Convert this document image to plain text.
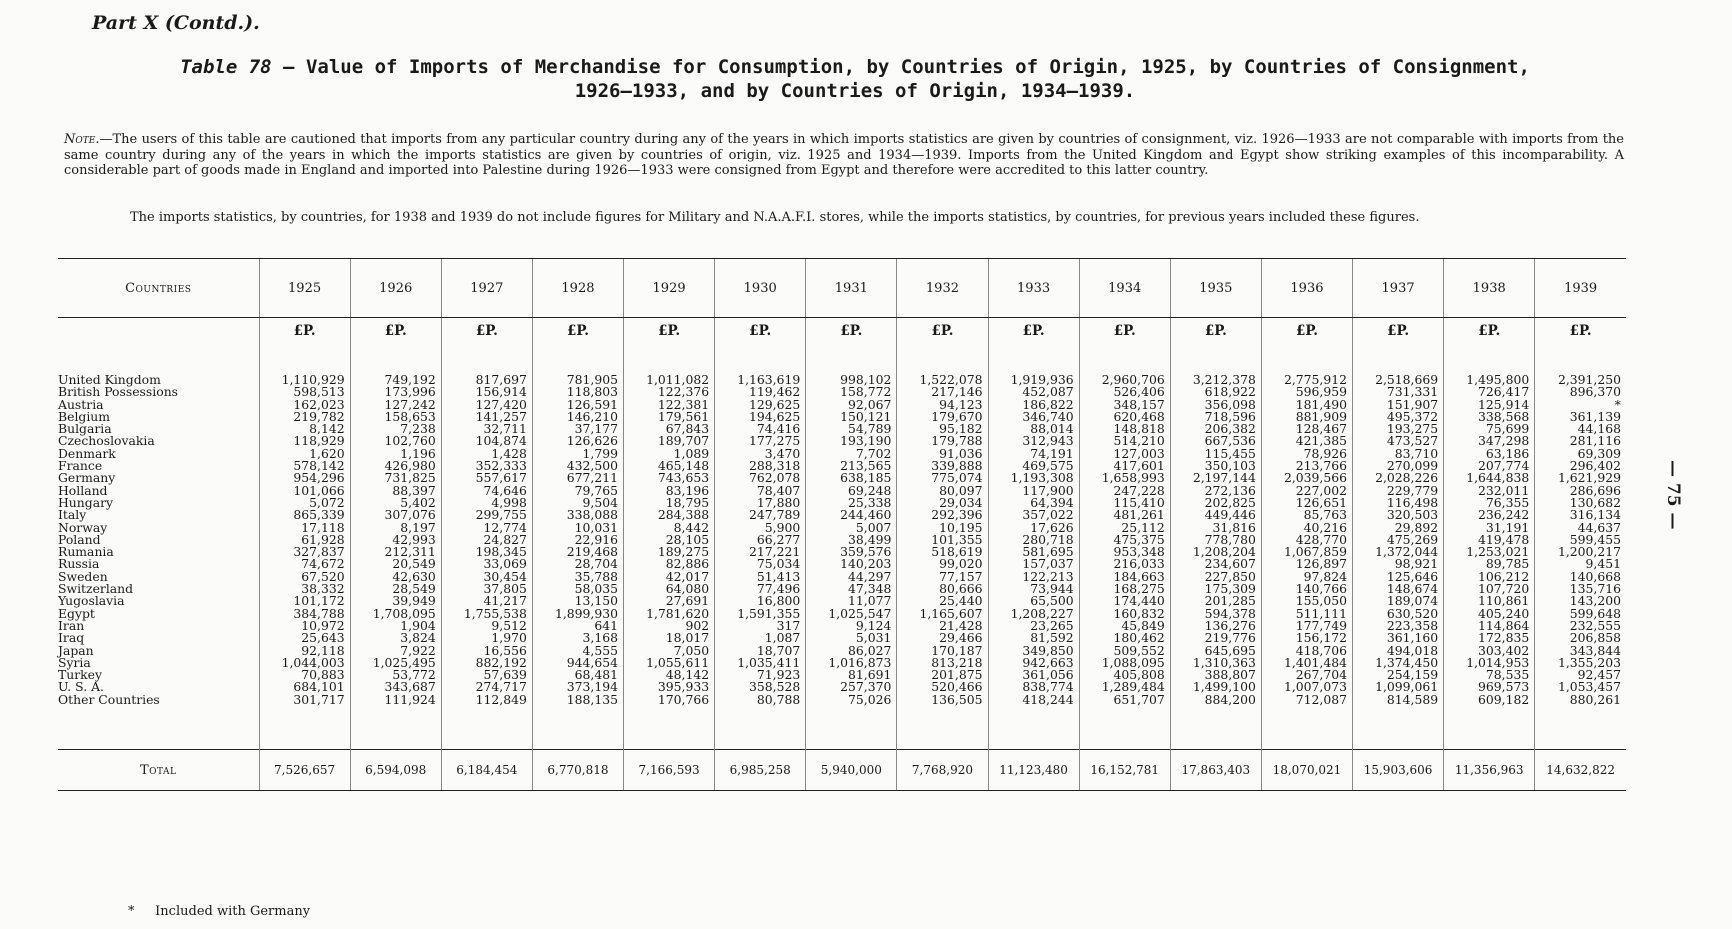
Part X (Contd.).
Table 78 — Value of Imports of Merchandise for Consumption, by Countries of Origin, 1925, by Countries of Consignment,
1926—1933, and by Countries of Origin, 1934—1939.
Note.—The users of this table are cautioned that imports from any particular country during any of the years in which imports statistics are given by countries of consignment, viz. 1926—1933 are not comparable with imports from the same country during any of the years in which the imports statistics are given by countries of origin, viz. 1925 and 1934—1939. Imports from the United Kingdom and Egypt show striking examples of this incomparability. A considerable part of goods made in England and imported into Palestine during 1926—1933 were consigned from Egypt and therefore were accredited to this latter country.
The imports statistics, by countries, for 1938 and 1939 do not include figures for Military and N.A.A.F.I. stores, while the imports statistics, by countries, for previous years included these figures.
— 75 —
Countries	1925	1926	1927	1928	1929	1930	1931	1932	1933	1934	1935	1936	1937	1938	1939
	£P.	£P.	£P.	£P.	£P.	£P.	£P.	£P.	£P.	£P.	£P.	£P.	£P.	£P.	£P.

United Kingdom	1,110,929	749,192	817,697	781,905	1,011,082	1,163,619	998,102	1,522,078	1,919,936	2,960,706	3,212,378	2,775,912	2,518,669	1,495,800	2,391,250
British Possessions	598,513	173,996	156,914	118,803	122,376	119,462	158,772	217,146	452,087	526,406	618,922	596,959	731,331	726,417	896,370
Austria	162,023	127,242	127,420	126,591	122,381	129,625	92,067	94,123	186,822	348,157	356,098	181,490	151,907	125,914	*
Belgium	219,782	158,653	141,257	146,210	179,561	194,625	150,121	179,670	346,740	620,468	718,596	881,909	495,372	338,568	361,139
Bulgaria	8,142	7,238	32,711	37,177	67,843	74,416	54,789	95,182	88,014	148,818	206,382	128,467	193,275	75,699	44,168
Czechoslovakia	118,929	102,760	104,874	126,626	189,707	177,275	193,190	179,788	312,943	514,210	667,536	421,385	473,527	347,298	281,116
Denmark	1,620	1,196	1,428	1,799	1,089	3,470	7,702	91,036	74,191	127,003	115,455	78,926	83,710	63,186	69,309
France	578,142	426,980	352,333	432,500	465,148	288,318	213,565	339,888	469,575	417,601	350,103	213,766	270,099	207,774	296,402
Germany	954,296	731,825	557,617	677,211	743,653	762,078	638,185	775,074	1,193,308	1,658,993	2,197,144	2,039,566	2,028,226	1,644,838	1,621,929
Holland	101,066	88,397	74,646	79,765	83,196	78,407	69,248	80,097	117,900	247,228	272,136	227,002	229,779	232,011	286,696
Hungary	5,072	5,402	4,998	9,504	18,795	17,880	25,338	29,034	64,394	115,410	202,825	126,651	116,498	76,355	130,682
Italy	865,339	307,076	299,755	338,088	284,388	247,789	244,460	292,396	357,022	481,261	449,446	85,763	320,503	236,242	316,134
Norway	17,118	8,197	12,774	10,031	8,442	5,900	5,007	10,195	17,626	25,112	31,816	40,216	29,892	31,191	44,637
Poland	61,928	42,993	24,827	22,916	28,105	66,277	38,499	101,355	280,718	475,375	778,780	428,770	475,269	419,478	599,455
Rumania	327,837	212,311	198,345	219,468	189,275	217,221	359,576	518,619	581,695	953,348	1,208,204	1,067,859	1,372,044	1,253,021	1,200,217
Russia	74,672	20,549	33,069	28,704	82,886	75,034	140,203	99,020	157,037	216,033	234,607	126,897	98,921	89,785	9,451
Sweden	67,520	42,630	30,454	35,788	42,017	51,413	44,297	77,157	122,213	184,663	227,850	97,824	125,646	106,212	140,668
Switzerland	38,332	28,549	37,805	58,035	64,080	77,496	47,348	80,666	73,944	168,275	175,309	140,766	148,674	107,720	135,716
Yugoslavia	101,172	39,949	41,217	13,150	27,691	16,800	11,077	25,440	65,500	174,440	201,285	155,050	189,074	110,861	143,200
Egypt	384,788	1,708,095	1,755,538	1,899,930	1,781,620	1,591,355	1,025,547	1,165,607	1,208,227	160,832	594,378	511,111	630,520	405,240	599,648
Iran	10,972	1,904	9,512	641	902	317	9,124	21,428	23,265	45,849	136,276	177,749	223,358	114,864	232,555
Iraq	25,643	3,824	1,970	3,168	18,017	1,087	5,031	29,466	81,592	180,462	219,776	156,172	361,160	172,835	206,858
Japan	92,118	7,922	16,556	4,555	7,050	18,707	86,027	170,187	349,850	509,552	645,695	418,706	494,018	303,402	343,844
Syria	1,044,003	1,025,495	882,192	944,654	1,055,611	1,035,411	1,016,873	813,218	942,663	1,088,095	1,310,363	1,401,484	1,374,450	1,014,953	1,355,203
Turkey	70,883	53,772	57,639	68,481	48,142	71,923	81,691	201,875	361,056	405,808	388,807	267,704	254,159	78,535	92,457
U. S. A.	684,101	343,687	274,717	373,194	395,933	358,528	257,370	520,466	838,774	1,289,484	1,499,100	1,007,073	1,099,061	969,573	1,053,457
Other Countries	301,717	111,924	112,849	188,135	170,766	80,788	75,026	136,505	418,244	651,707	884,200	712,087	814,589	609,182	880,261

Total	7,526,657	6,594,098	6,184,454	6,770,818	7,166,593	6,985,258	5,940,000	7,768,920	11,123,480	16,152,781	17,863,403	18,070,021	15,903,606	11,356,963	14,632,822
* Included with Germany
